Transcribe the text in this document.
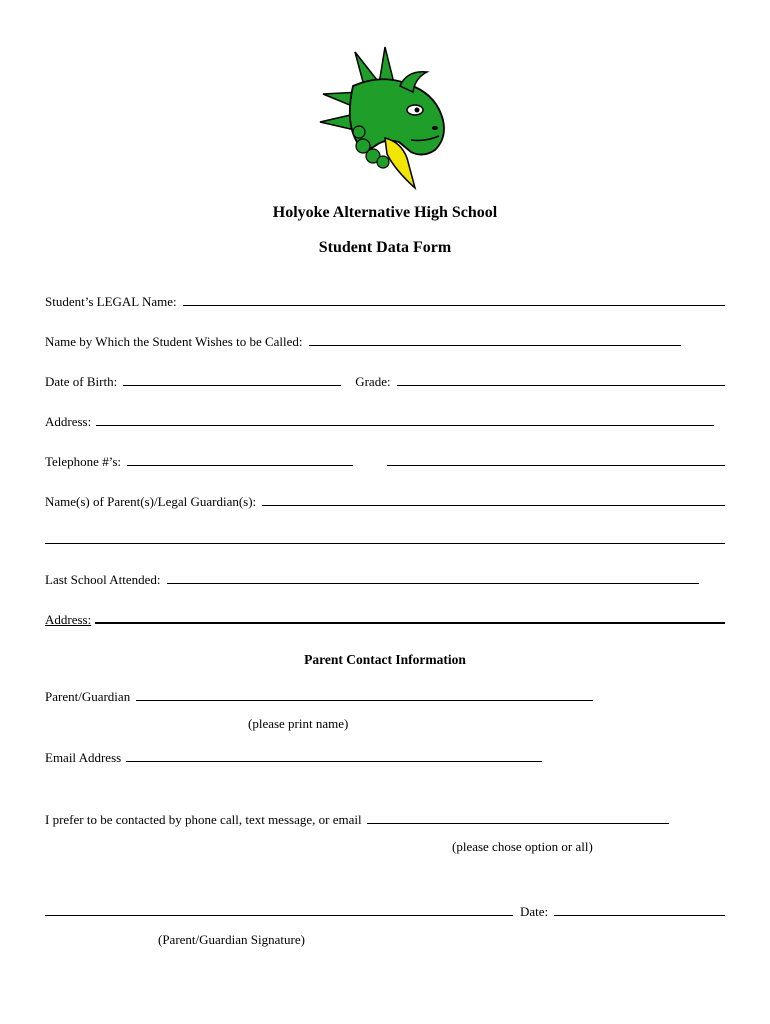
Holyoke Alternative High School
Student Data Form
Student’s LEGAL Name:
Name by Which the Student Wishes to be Called:
Date of Birth:	Grade:
Address:
Telephone #’s:
Name(s) of Parent(s)/Legal Guardian(s):
Last School Attended:
Address:
Parent Contact Information
Parent/Guardian
(please print name)
Email Address
I prefer to be contacted by phone call, text message, or email
(please chose option or all)
Date:
(Parent/Guardian Signature)
